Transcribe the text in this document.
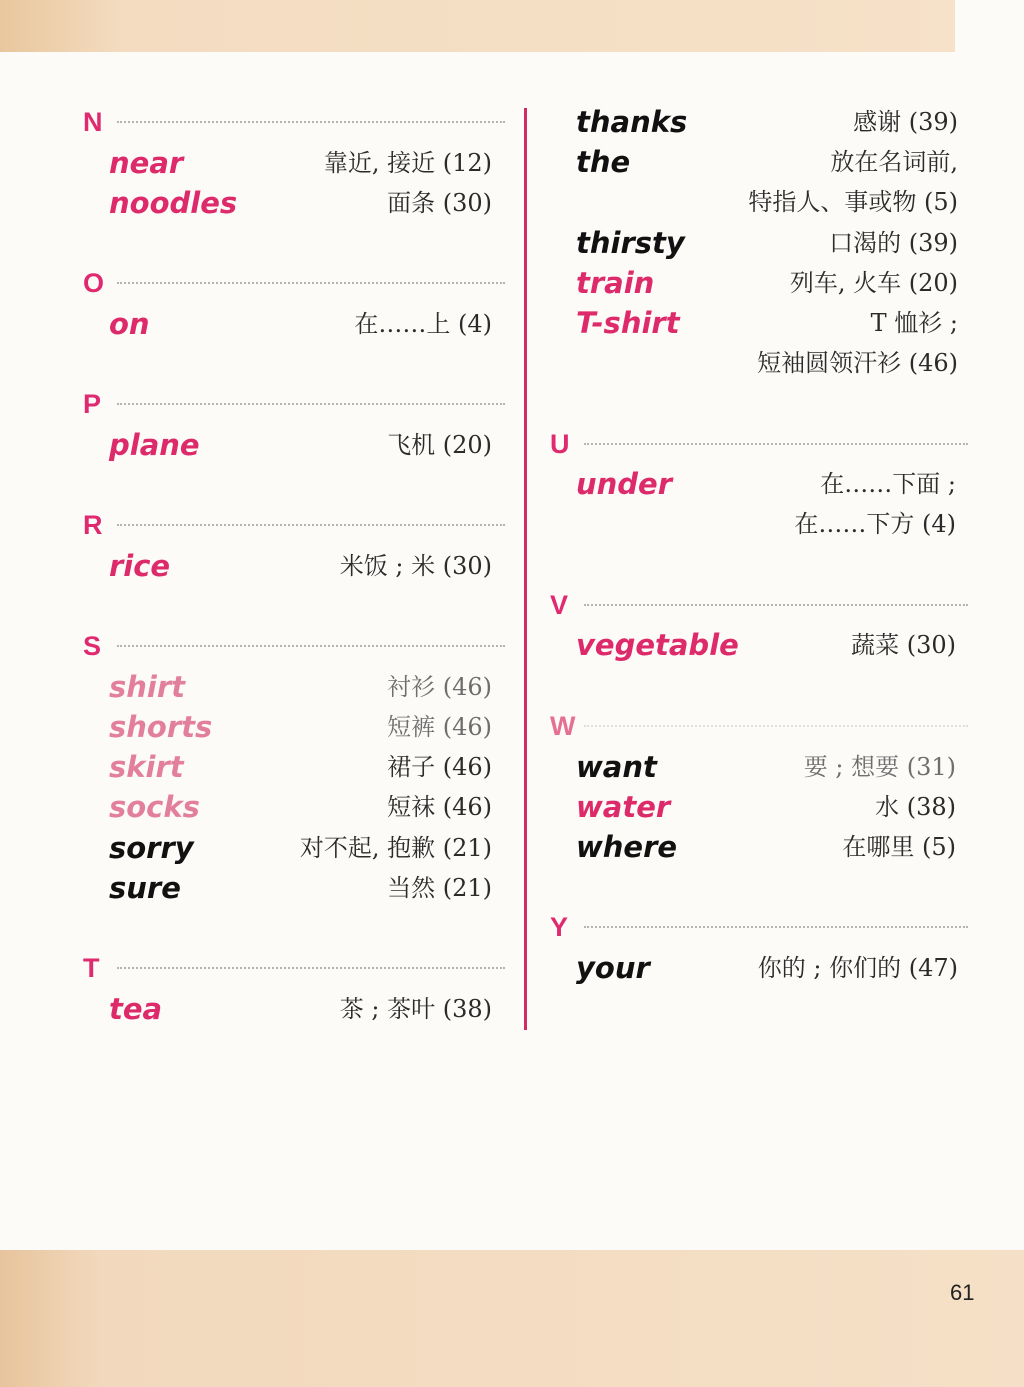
N
near	靠近, 接近 (12)
noodles	面条 (30)
O
on	在……上 (4)
P
plane	飞机 (20)
R
rice	米饭 ; 米 (30)
S
shirt	衬衫 (46)
shorts	短裤 (46)
skirt	裙子 (46)
socks	短袜 (46)
sorry	对不起, 抱歉 (21)
sure	当然 (21)
T
tea	茶 ; 茶叶 (38)
thanks	感谢 (39)
the	放在名词前,
特指人、事或物 (5)
thirsty	口渴的 (39)
train	列车, 火车 (20)
T-shirt	T 恤衫 ;
短袖圆领汗衫 (46)
U
under	在……下面 ;
在……下方 (4)
V
vegetable	蔬菜 (30)
W
want	要 ; 想要 (31)
water	水 (38)
where	在哪里 (5)
Y
your	你的 ; 你们的 (47)
61
